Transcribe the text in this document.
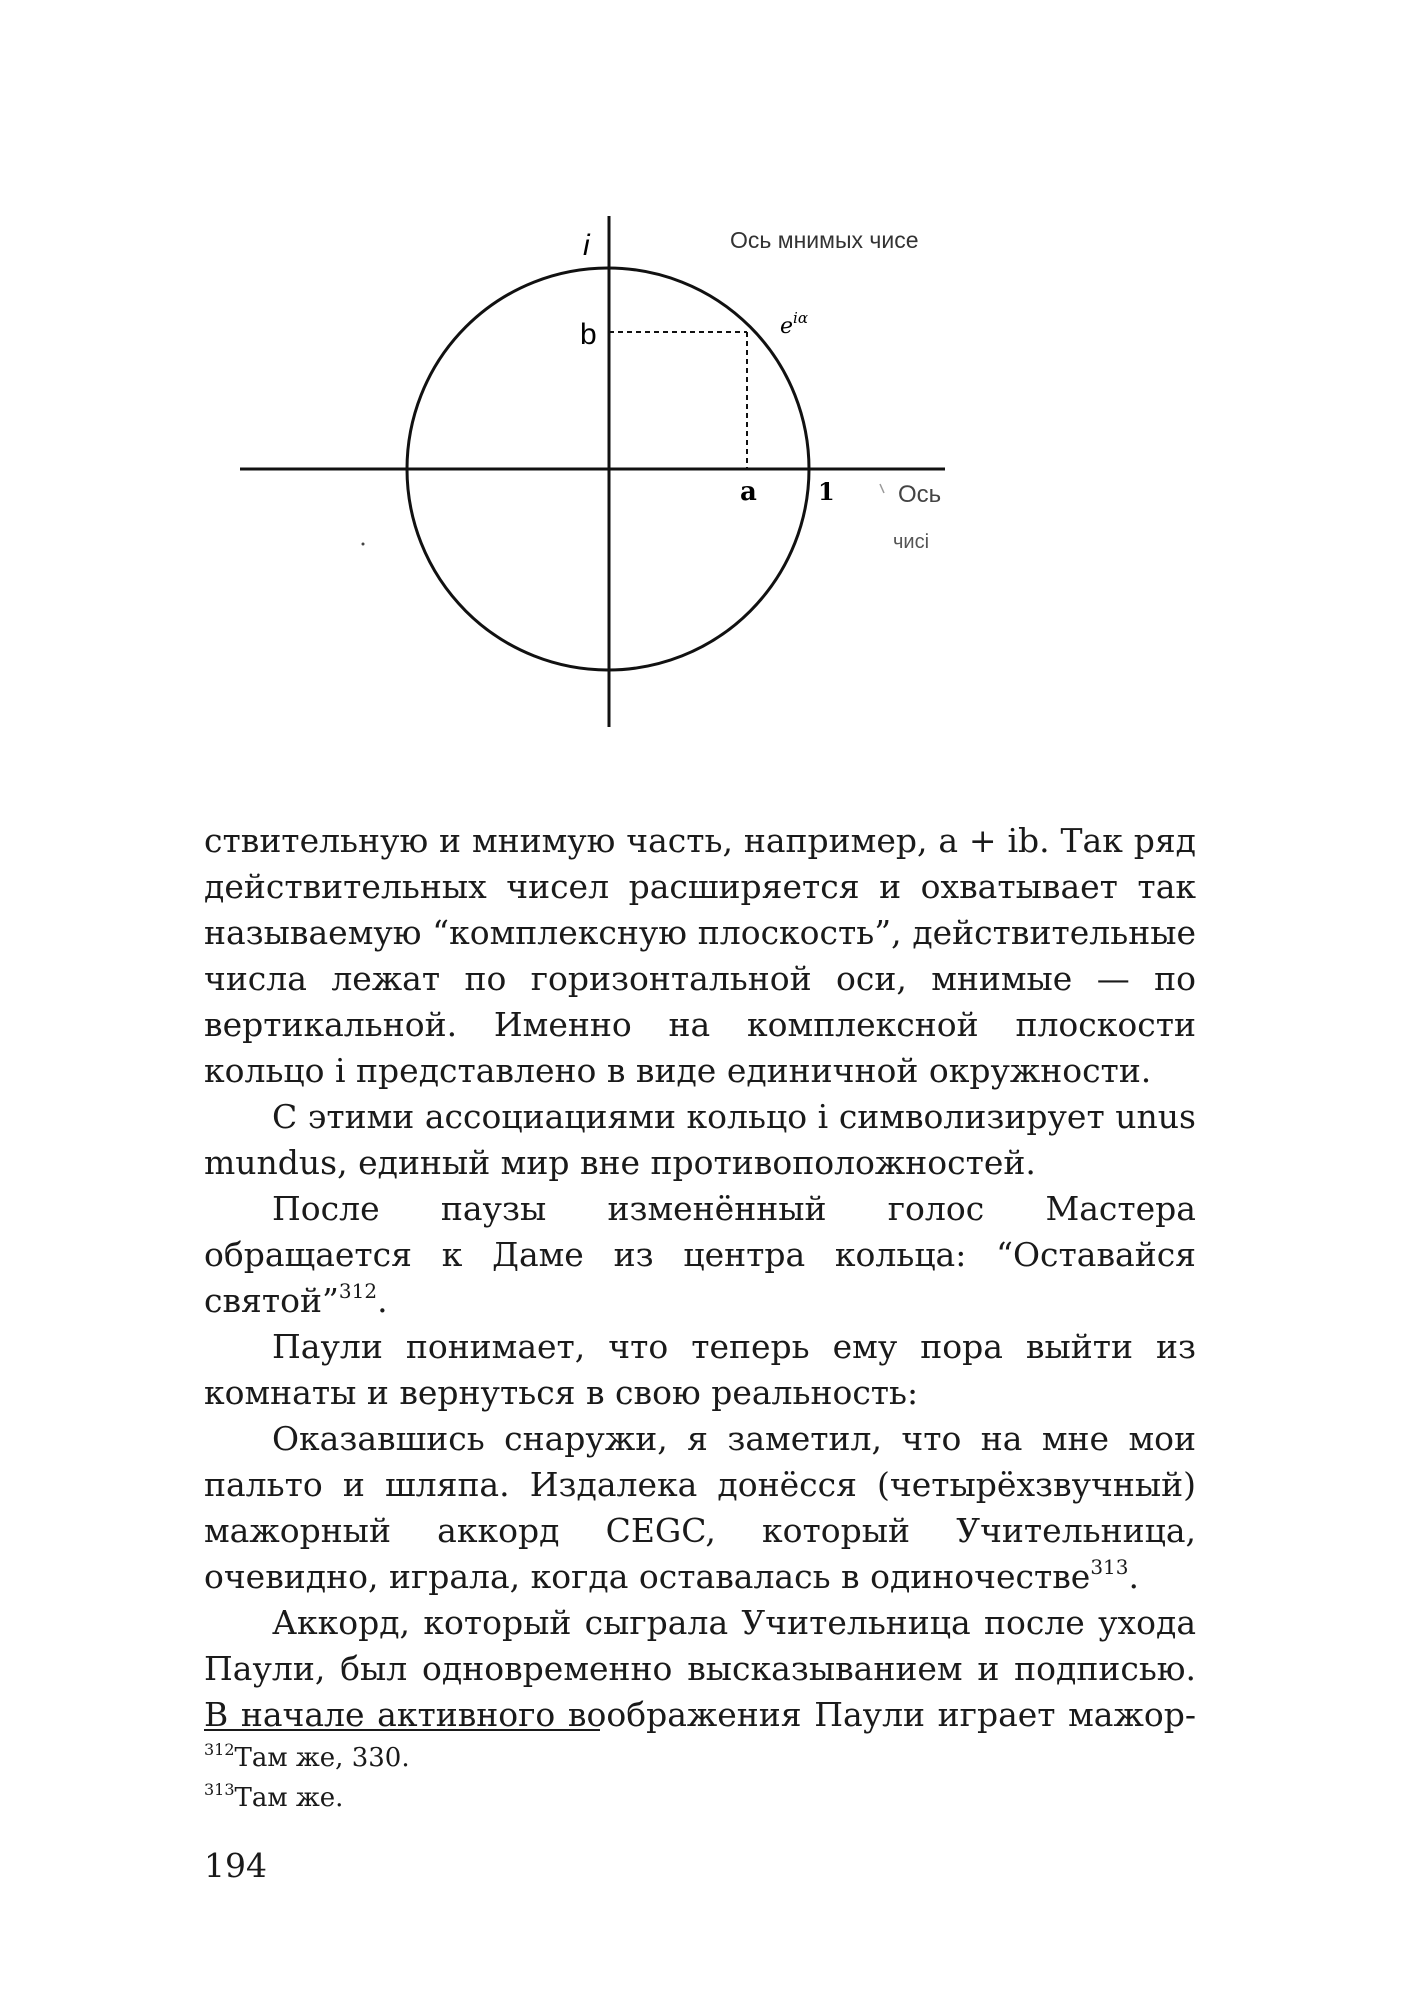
i	Ось мнимых чисе
b	$e^{i\alpha}$
a	1	Ось
чисі

ствительную и мнимую часть, например, a + ib. Так ряд действительных чисел расширяется и охватывает так называемую “комплексную плоскость”, действительные числа лежат по горизонтальной оси, мнимые — по вертикальной. Именно на комплексной плоскости кольцо i представлено в виде единичной окружности.

С этими ассоциациями кольцо i символизирует unus mundus, единый мир вне противоположностей.

После паузы изменённый голос Мастера обращается к Даме из центра кольца: “Оставайся святой”$^{312}$.

Паули понимает, что теперь ему пора выйти из комнаты и вернуться в свою реальность:

Оказавшись снаружи, я заметил, что на мне мои пальто и шляпа. Издалека донёсся (четырёхзвучный) мажорный аккорд CEGC, который Учительница, очевидно, играла, когда оставалась в одиночестве$^{313}$.

Аккорд, который сыграла Учительница после ухода Паули, был одновременно высказыванием и подписью. В начале активного воображения Паули играет мажор-

$^{312}$Там же, 330.
$^{313}$Там же.
194
